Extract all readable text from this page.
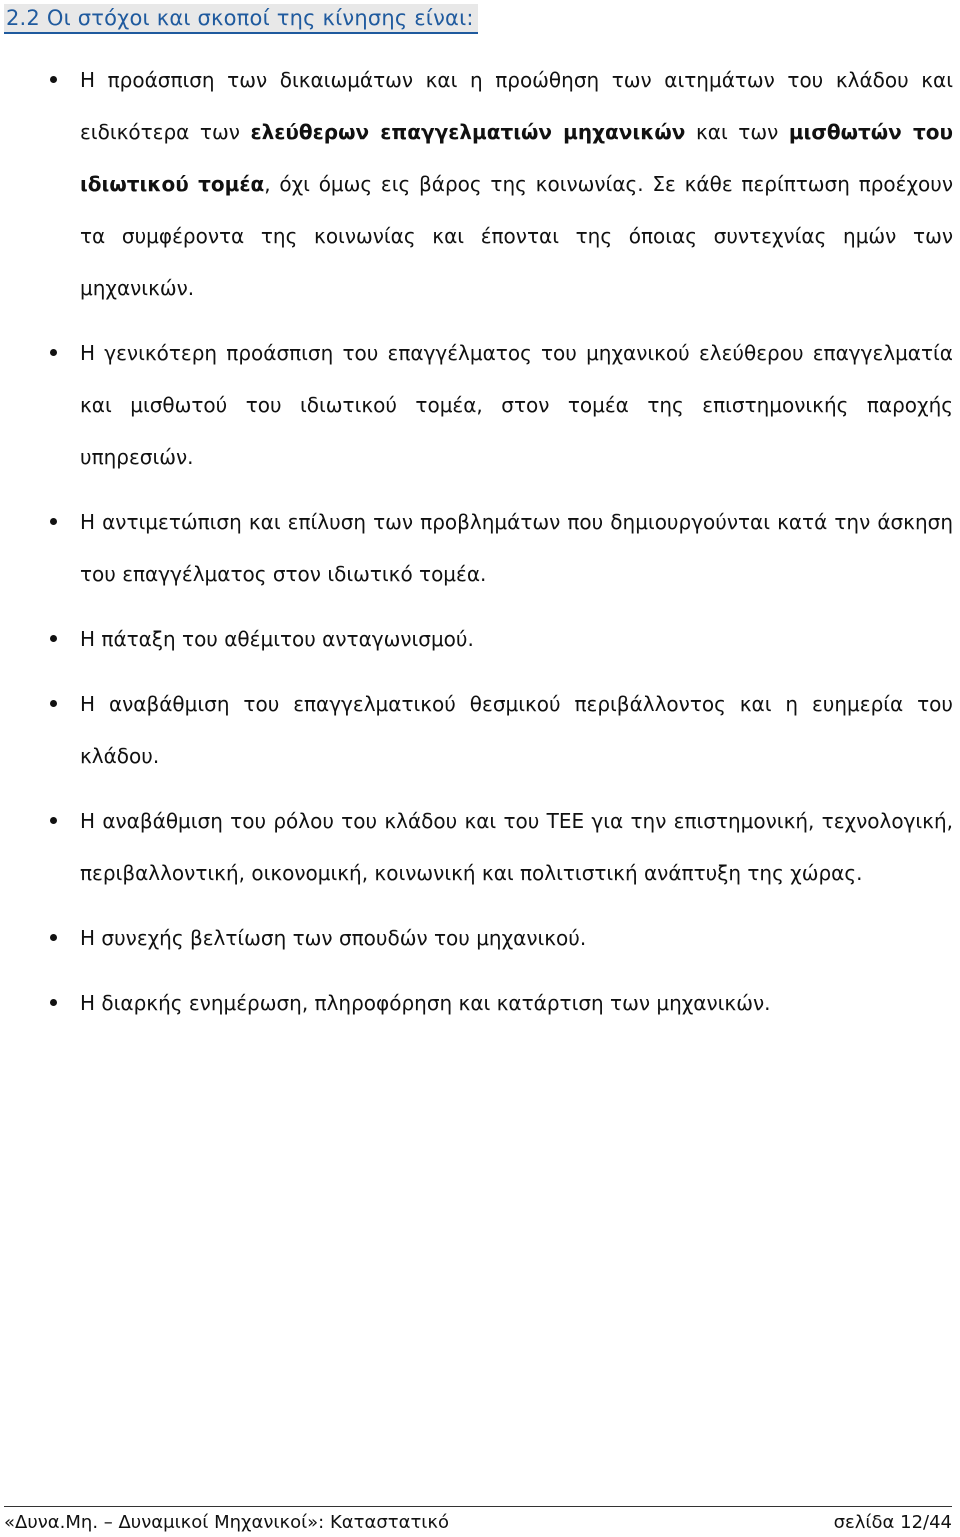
2.2 Οι στόχοι και σκοποί της κίνησης είναι:
Η προάσπιση των δικαιωμάτων και η προώθηση των αιτημάτων του κλάδου και ειδικότερα των ελεύθερων επαγγελματιών μηχανικών και των μισθωτών του ιδιωτικού τομέα, όχι όμως εις βάρος της κοινωνίας. Σε κάθε περίπτωση προέχουν τα συμφέροντα της κοινωνίας και έπονται της όποιας συντεχνίας ημών των μηχανικών.
Η γενικότερη προάσπιση του επαγγέλματος του μηχανικού ελεύθερου επαγγελματία και μισθωτού του ιδιωτικού τομέα, στον τομέα της επιστημονικής παροχής υπηρεσιών.
Η αντιμετώπιση και επίλυση των προβλημάτων που δημιουργούνται κατά την άσκηση του επαγγέλματος στον ιδιωτικό τομέα.
Η πάταξη του αθέμιτου ανταγωνισμού.
Η αναβάθμιση του επαγγελματικού θεσμικού περιβάλλοντος και η ευημερία του κλάδου.
Η αναβάθμιση του ρόλου του κλάδου και του ΤΕΕ για την επιστημονική, τεχνολογική, περιβαλλοντική, οικονομική, κοινωνική και πολιτιστική ανάπτυξη της χώρας.
Η συνεχής βελτίωση των σπουδών του μηχανικού.
Η διαρκής ενημέρωση, πληροφόρηση και κατάρτιση των μηχανικών.
«Δυνα.Μη. – Δυναμικοί Μηχανικοί»: Καταστατικό	σελίδα 12/44
